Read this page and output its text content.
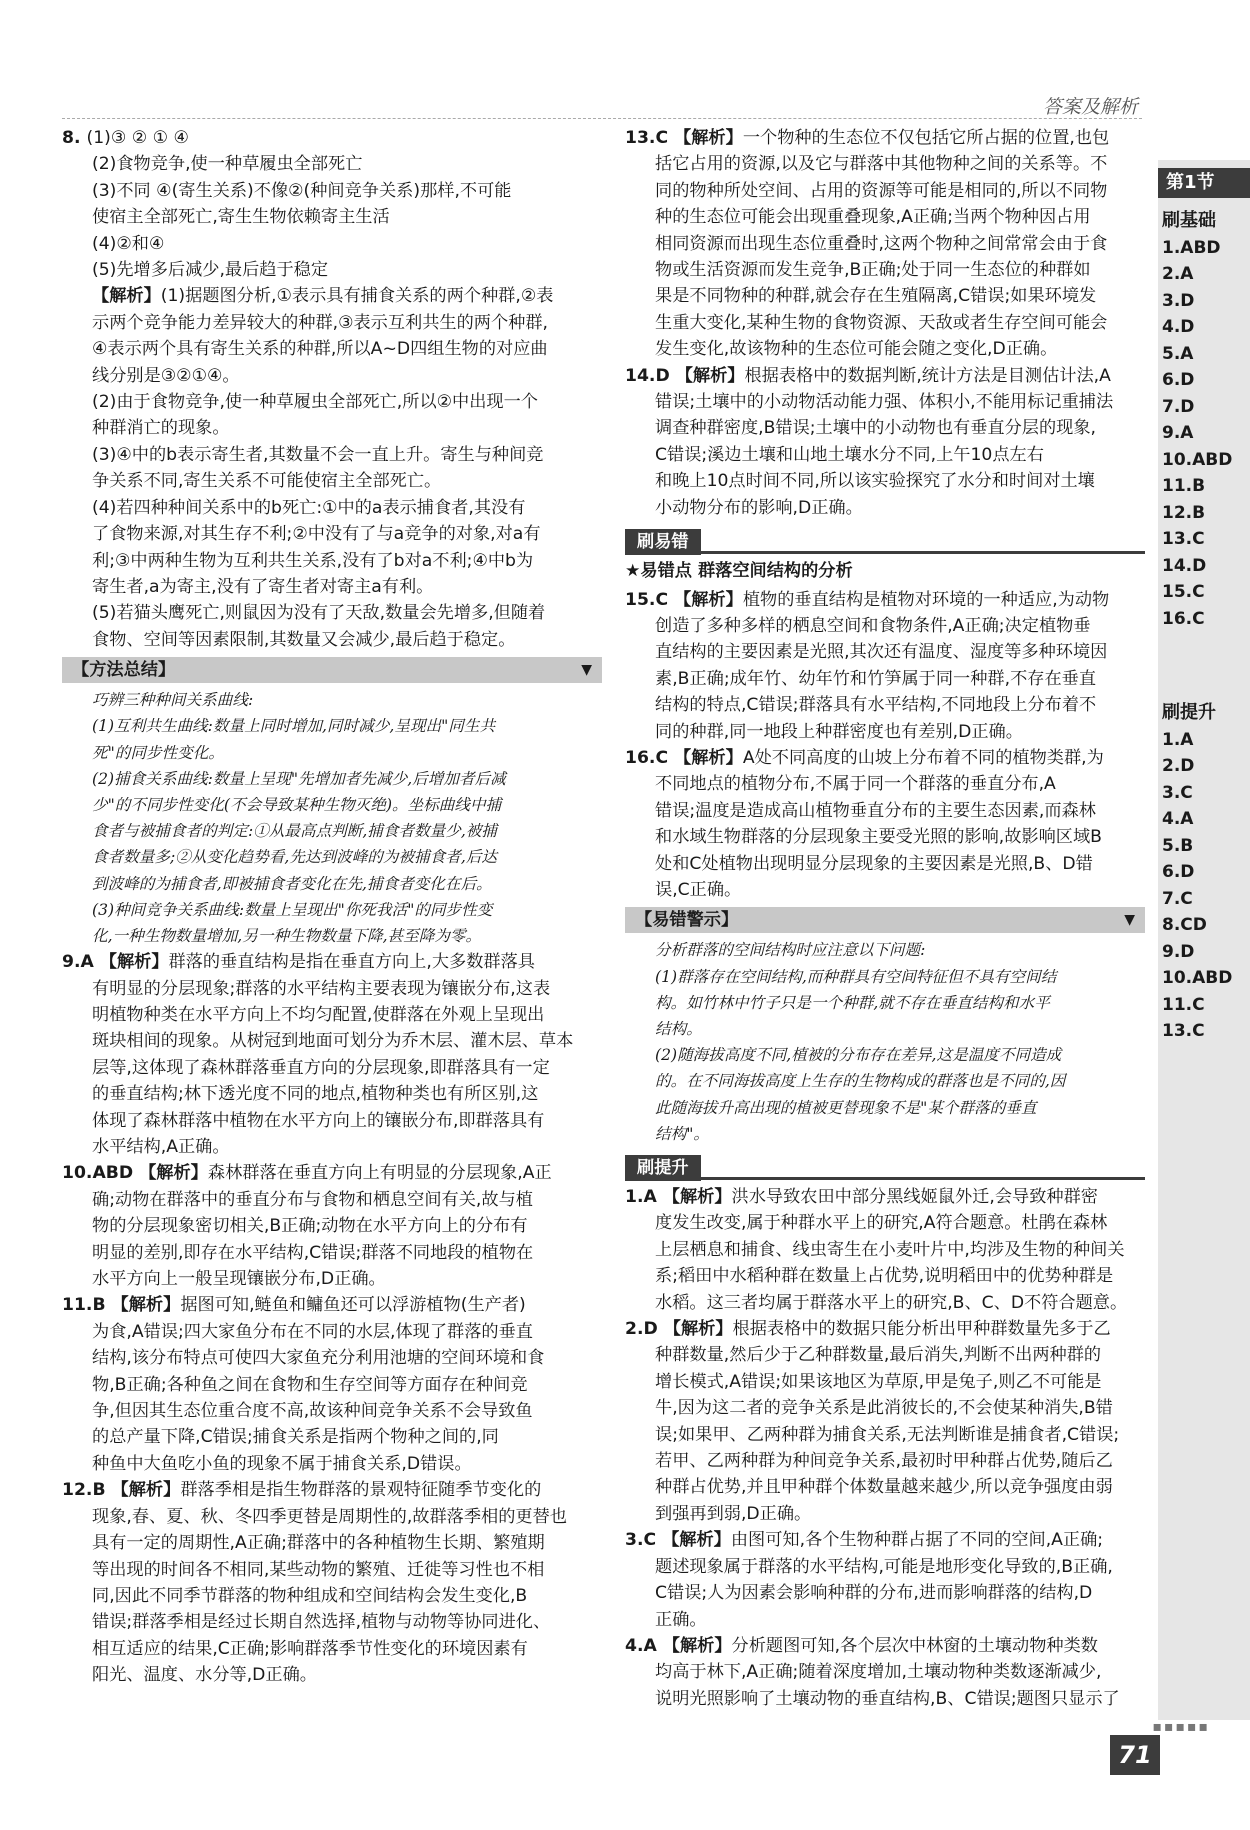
答案及解析
8. (1)③ ② ① ④
(2)食物竞争,使一种草履虫全部死亡
(3)不同 ④(寄生关系)不像②(种间竞争关系)那样,不可能
使宿主全部死亡,寄生生物依赖寄主生活
(4)②和④
(5)先增多后减少,最后趋于稳定
【解析】(1)据题图分析,①表示具有捕食关系的两个种群,②表
示两个竞争能力差异较大的种群,③表示互利共生的两个种群,
④表示两个具有寄生关系的种群,所以A~D四组生物的对应曲
线分别是③②①④。
(2)由于食物竞争,使一种草履虫全部死亡,所以②中出现一个
种群消亡的现象。
(3)④中的b表示寄生者,其数量不会一直上升。寄生与种间竞
争关系不同,寄生关系不可能使宿主全部死亡。
(4)若四种种间关系中的b死亡:①中的a表示捕食者,其没有
了食物来源,对其生存不利;②中没有了与a竞争的对象,对a有
利;③中两种生物为互利共生关系,没有了b对a不利;④中b为
寄生者,a为寄主,没有了寄生者对寄主a有利。
(5)若猫头鹰死亡,则鼠因为没有了天敌,数量会先增多,但随着
食物、空间等因素限制,其数量又会减少,最后趋于稳定。
【方法总结】	▼
巧辨三种种间关系曲线:
(1)互利共生曲线:数量上同时增加,同时减少,呈现出"同生共
死"的同步性变化。
(2)捕食关系曲线:数量上呈现"先增加者先减少,后增加者后减
少"的不同步性变化(不会导致某种生物灭绝)。坐标曲线中捕
食者与被捕食者的判定:①从最高点判断,捕食者数量少,被捕
食者数量多;②从变化趋势看,先达到波峰的为被捕食者,后达
到波峰的为捕食者,即被捕食者变化在先,捕食者变化在后。
(3)种间竞争关系曲线:数量上呈现出"你死我活"的同步性变
化,一种生物数量增加,另一种生物数量下降,甚至降为零。
9.A 【解析】群落的垂直结构是指在垂直方向上,大多数群落具
有明显的分层现象;群落的水平结构主要表现为镶嵌分布,这表
明植物种类在水平方向上不均匀配置,使群落在外观上呈现出
斑块相间的现象。从树冠到地面可划分为乔木层、灌木层、草本
层等,这体现了森林群落垂直方向的分层现象,即群落具有一定
的垂直结构;林下透光度不同的地点,植物种类也有所区别,这
体现了森林群落中植物在水平方向上的镶嵌分布,即群落具有
水平结构,A正确。
10.ABD 【解析】森林群落在垂直方向上有明显的分层现象,A正
确;动物在群落中的垂直分布与食物和栖息空间有关,故与植
物的分层现象密切相关,B正确;动物在水平方向上的分布有
明显的差别,即存在水平结构,C错误;群落不同地段的植物在
水平方向上一般呈现镶嵌分布,D正确。
11.B 【解析】据图可知,鲢鱼和鳙鱼还可以浮游植物(生产者)
为食,A错误;四大家鱼分布在不同的水层,体现了群落的垂直
结构,该分布特点可使四大家鱼充分利用池塘的空间环境和食
物,B正确;各种鱼之间在食物和生存空间等方面存在种间竞
争,但因其生态位重合度不高,故该种间竞争关系不会导致鱼
的总产量下降,C错误;捕食关系是指两个物种之间的,同
种鱼中大鱼吃小鱼的现象不属于捕食关系,D错误。
12.B 【解析】群落季相是指生物群落的景观特征随季节变化的
现象,春、夏、秋、冬四季更替是周期性的,故群落季相的更替也
具有一定的周期性,A正确;群落中的各种植物生长期、繁殖期
等出现的时间各不相同,某些动物的繁殖、迁徙等习性也不相
同,因此不同季节群落的物种组成和空间结构会发生变化,B
错误;群落季相是经过长期自然选择,植物与动物等协同进化、
相互适应的结果,C正确;影响群落季节性变化的环境因素有
阳光、温度、水分等,D正确。
13.C 【解析】一个物种的生态位不仅包括它所占据的位置,也包
括它占用的资源,以及它与群落中其他物种之间的关系等。不
同的物种所处空间、占用的资源等可能是相同的,所以不同物
种的生态位可能会出现重叠现象,A正确;当两个物种因占用
相同资源而出现生态位重叠时,这两个物种之间常常会由于食
物或生活资源而发生竞争,B正确;处于同一生态位的种群如
果是不同物种的种群,就会存在生殖隔离,C错误;如果环境发
生重大变化,某种生物的食物资源、天敌或者生存空间可能会
发生变化,故该物种的生态位可能会随之变化,D正确。
14.D 【解析】根据表格中的数据判断,统计方法是目测估计法,A
错误;土壤中的小动物活动能力强、体积小,不能用标记重捕法
调查种群密度,B错误;土壤中的小动物也有垂直分层的现象,
C错误;溪边土壤和山地土壤水分不同,上午10点左右
和晚上10点时间不同,所以该实验探究了水分和时间对土壤
小动物分布的影响,D正确。
刷易错
★易错点 群落空间结构的分析
15.C 【解析】植物的垂直结构是植物对环境的一种适应,为动物
创造了多种多样的栖息空间和食物条件,A正确;决定植物垂
直结构的主要因素是光照,其次还有温度、湿度等多种环境因
素,B正确;成年竹、幼年竹和竹笋属于同一种群,不存在垂直
结构的特点,C错误;群落具有水平结构,不同地段上分布着不
同的种群,同一地段上种群密度也有差别,D正确。
16.C 【解析】A处不同高度的山坡上分布着不同的植物类群,为
不同地点的植物分布,不属于同一个群落的垂直分布,A
错误;温度是造成高山植物垂直分布的主要生态因素,而森林
和水域生物群落的分层现象主要受光照的影响,故影响区域B
处和C处植物出现明显分层现象的主要因素是光照,B、D错
误,C正确。
【易错警示】	▼
分析群落的空间结构时应注意以下问题:
(1)群落存在空间结构,而种群具有空间特征但不具有空间结
构。如竹林中竹子只是一个种群,就不存在垂直结构和水平
结构。
(2)随海拔高度不同,植被的分布存在差异,这是温度不同造成
的。在不同海拔高度上生存的生物构成的群落也是不同的,因
此随海拔升高出现的植被更替现象不是"某个群落的垂直
结构"。
刷提升
1.A 【解析】洪水导致农田中部分黑线姬鼠外迁,会导致种群密
度发生改变,属于种群水平上的研究,A符合题意。杜鹃在森林
上层栖息和捕食、线虫寄生在小麦叶片中,均涉及生物的种间关
系;稻田中水稻种群在数量上占优势,说明稻田中的优势种群是
水稻。这三者均属于群落水平上的研究,B、C、D不符合题意。
2.D 【解析】根据表格中的数据只能分析出甲种群数量先多于乙
种群数量,然后少于乙种群数量,最后消失,判断不出两种群的
增长模式,A错误;如果该地区为草原,甲是兔子,则乙不可能是
牛,因为这二者的竞争关系是此消彼长的,不会使某种消失,B错
误;如果甲、乙两种群为捕食关系,无法判断谁是捕食者,C错误;
若甲、乙两种群为种间竞争关系,最初时甲种群占优势,随后乙
种群占优势,并且甲种群个体数量越来越少,所以竞争强度由弱
到强再到弱,D正确。
3.C 【解析】由图可知,各个生物种群占据了不同的空间,A正确;
题述现象属于群落的水平结构,可能是地形变化导致的,B正确,
C错误;人为因素会影响种群的分布,进而影响群落的结构,D
正确。
4.A 【解析】分析题图可知,各个层次中林窗的土壤动物种类数
均高于林下,A正确;随着深度增加,土壤动物种类数逐渐减少,
说明光照影响了土壤动物的垂直结构,B、C错误;题图只显示了
第1节
刷基础
1.ABD
2.A
3.D
4.D
5.A
6.D
7.D
9.A
10.ABD
11.B
12.B
13.C
14.D
15.C
16.C
刷提升
1.A
2.D
3.C
4.A
5.B
6.D
7.C
8.CD
9.D
10.ABD
11.C
13.C
▪▪▪▪▪
71
